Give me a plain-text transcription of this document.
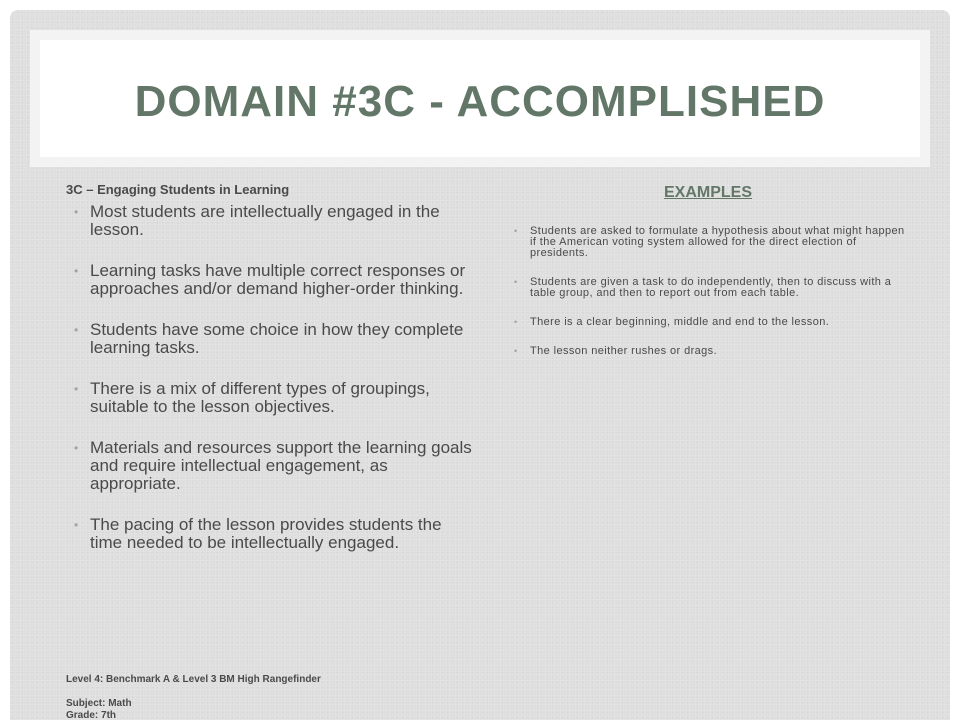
DOMAIN #3C - ACCOMPLISHED

3C – Engaging Students in Learning

• Most students are intellectually engaged in the lesson.
• Learning tasks have multiple correct responses or approaches and/or demand higher-order thinking.
• Students have some choice in how they complete learning tasks.
• There is a mix of different types of groupings, suitable to the lesson objectives.
• Materials and resources support the learning goals and require intellectual engagement, as appropriate.
• The pacing of the lesson provides students the time needed to be intellectually engaged.
Level 4: Benchmark A & Level 3 BM High Rangefinder
Subject: Math
Grade: 7th

EXAMPLES

• Students are asked to formulate a hypothesis about what might happen if the American voting system allowed for the direct election of presidents.
• Students are given a task to do independently, then to discuss with a table group, and then to report out from each table.
• There is a clear beginning, middle and end to the lesson.
• The lesson neither rushes or drags.
